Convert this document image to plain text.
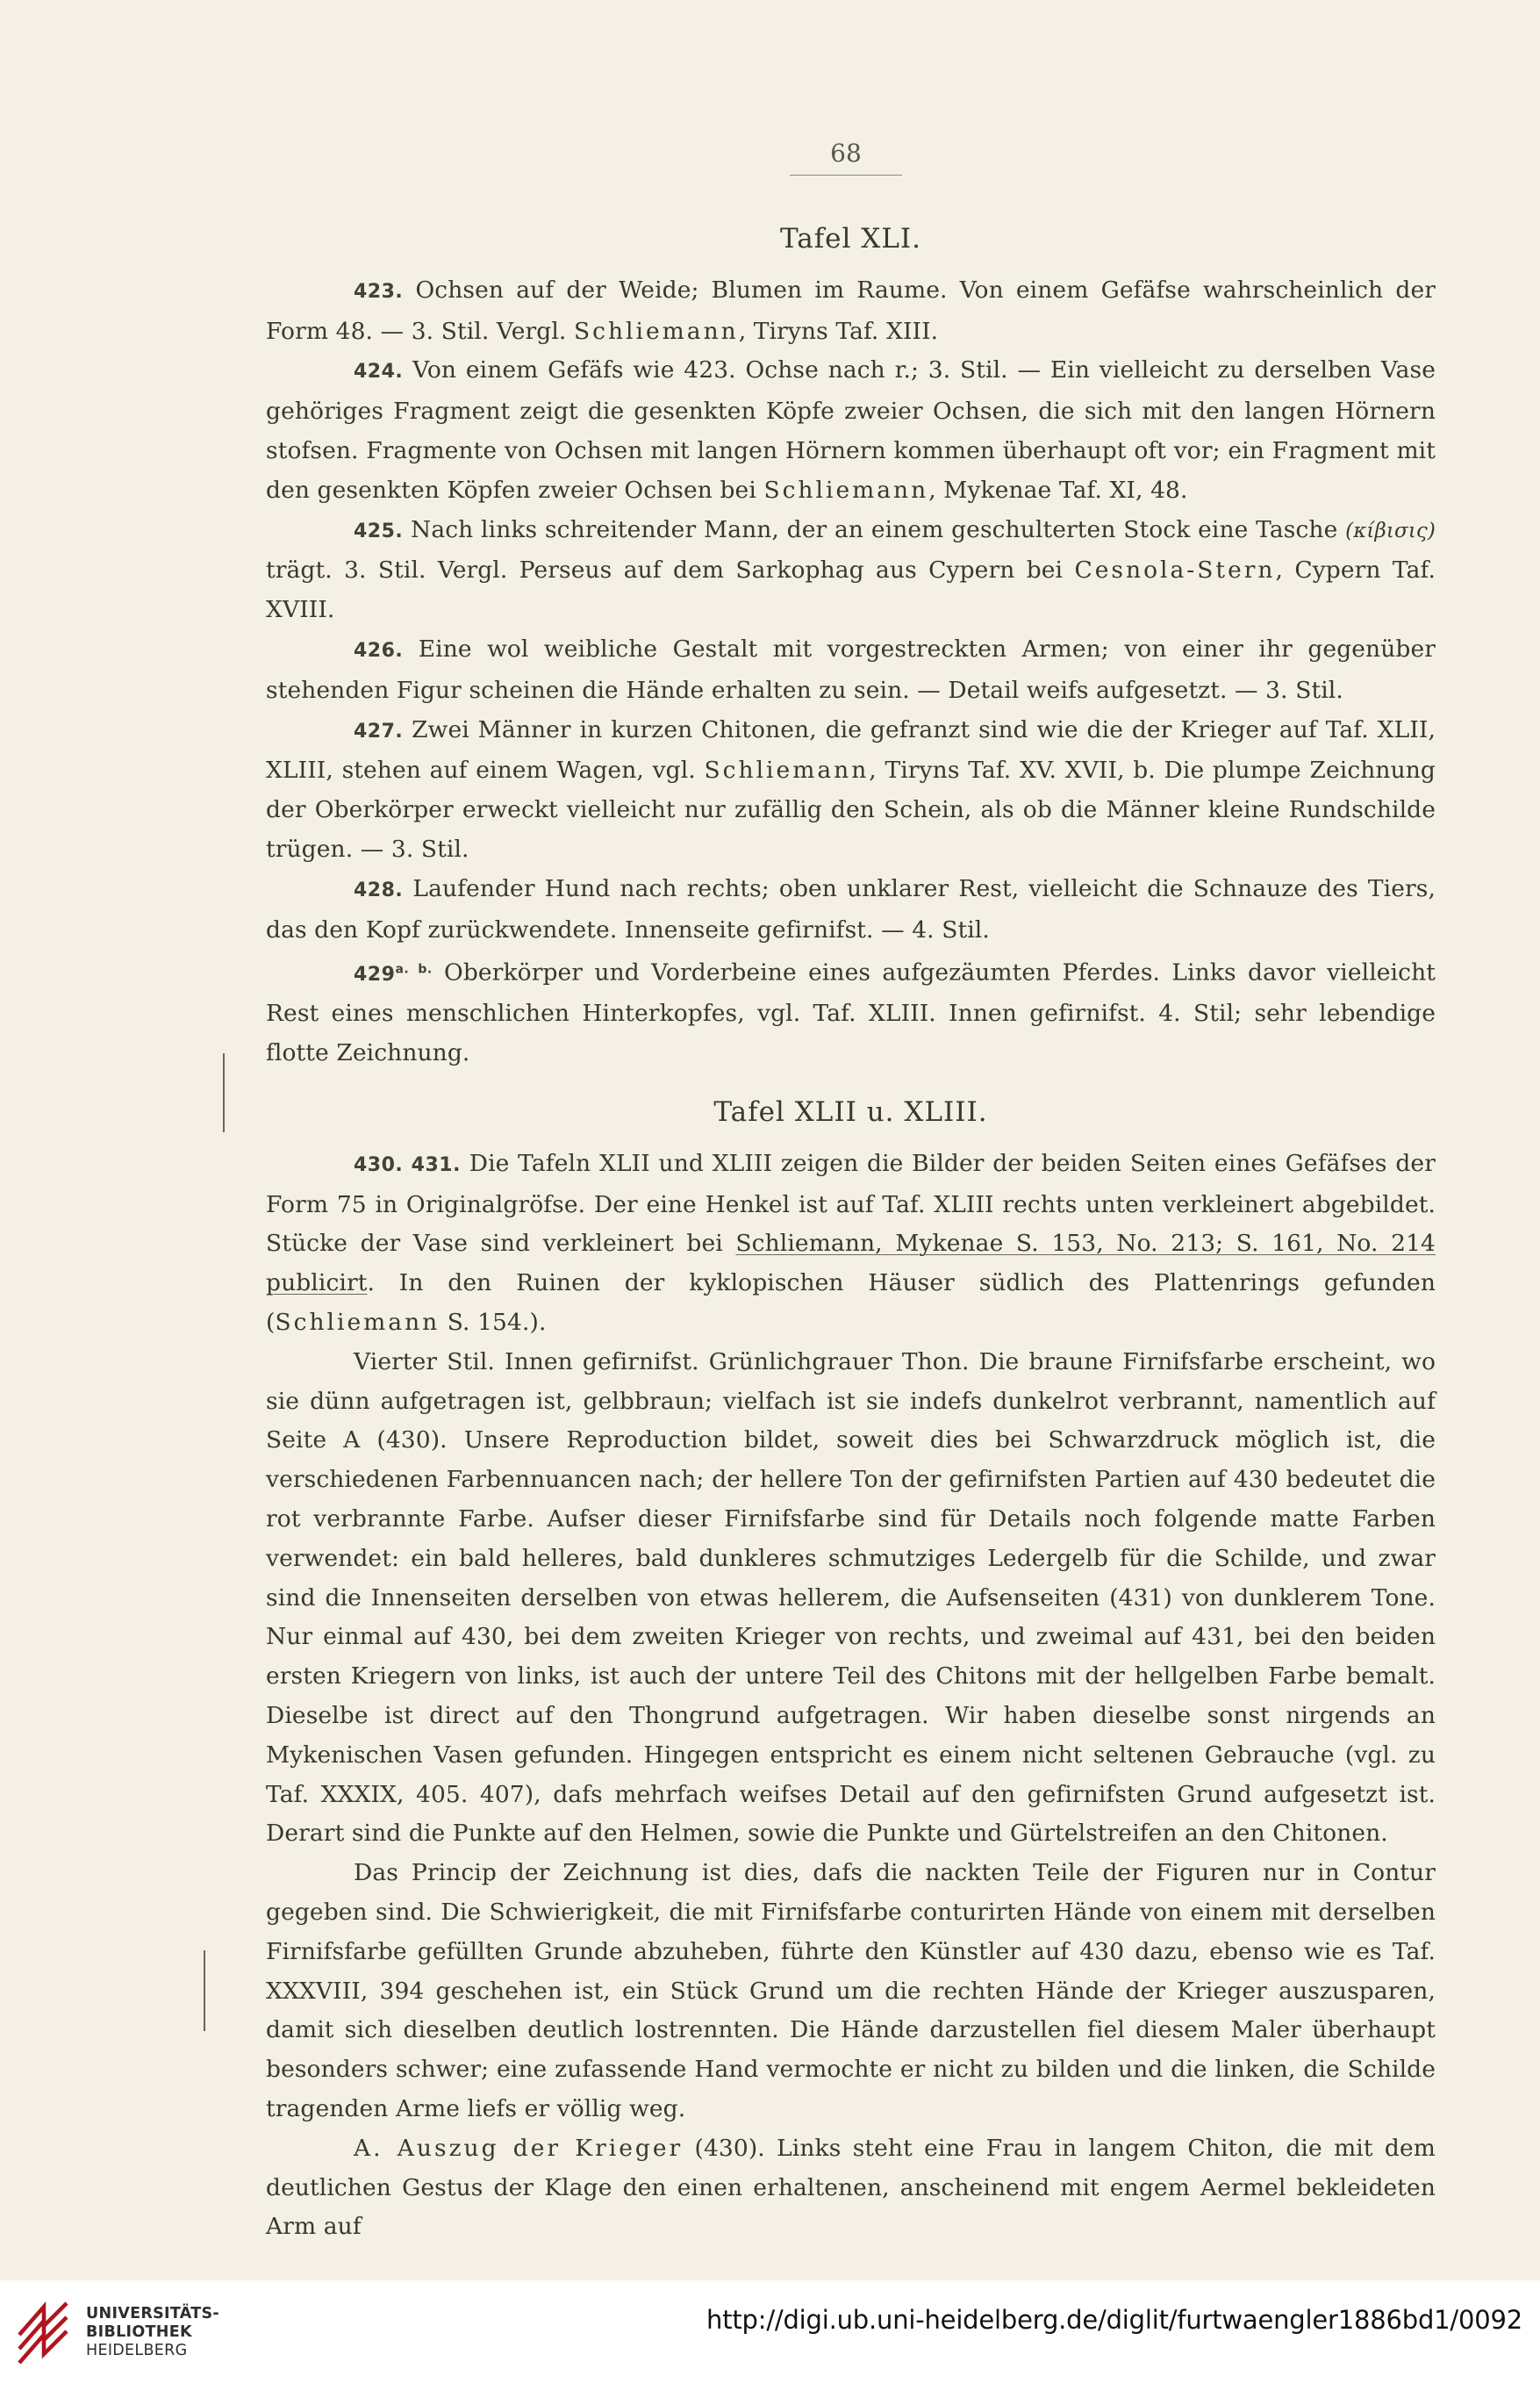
68
Tafel XLI.

423. Ochsen auf der Weide; Blumen im Raume. Von einem Gefäfse wahrscheinlich der Form 48. — 3. Stil. Vergl. Schliemann, Tiryns Taf. XIII.

424. Von einem Gefäfs wie 423. Ochse nach r.; 3. Stil. — Ein vielleicht zu derselben Vase gehöriges Fragment zeigt die gesenkten Köpfe zweier Ochsen, die sich mit den langen Hörnern stofsen. Fragmente von Ochsen mit langen Hörnern kommen überhaupt oft vor; ein Fragment mit den gesenkten Köpfen zweier Ochsen bei Schliemann, Mykenae Taf. XI, 48.

425. Nach links schreitender Mann, der an einem geschulterten Stock eine Tasche (κίβισις) trägt. 3. Stil. Vergl. Perseus auf dem Sarkophag aus Cypern bei Cesnola-Stern, Cypern Taf. XVIII.

426. Eine wol weibliche Gestalt mit vorgestreckten Armen; von einer ihr gegenüber stehenden Figur scheinen die Hände erhalten zu sein. — Detail weifs aufgesetzt. — 3. Stil.

427. Zwei Männer in kurzen Chitonen, die gefranzt sind wie die der Krieger auf Taf. XLII, XLIII, stehen auf einem Wagen, vgl. Schliemann, Tiryns Taf. XV. XVII, b. Die plumpe Zeichnung der Oberkörper erweckt vielleicht nur zufällig den Schein, als ob die Männer kleine Rundschilde trügen. — 3. Stil.

428. Laufender Hund nach rechts; oben unklarer Rest, vielleicht die Schnauze des Tiers, das den Kopf zurückwendete. Innenseite gefirnifst. — 4. Stil.

$429^{a. b.}$ Oberkörper und Vorderbeine eines aufgezäumten Pferdes. Links davor vielleicht Rest eines menschlichen Hinterkopfes, vgl. Taf. XLIII. Innen gefirnifst. 4. Stil; sehr lebendige flotte Zeichnung.

Tafel XLII u. XLIII.

430. 431. Die Tafeln XLII und XLIII zeigen die Bilder der beiden Seiten eines Gefäfses der Form 75 in Originalgröfse. Der eine Henkel ist auf Taf. XLIII rechts unten verkleinert abgebildet. Stücke der Vase sind verkleinert bei Schliemann, Mykenae S. 153, No. 213; S. 161, No. 214 publicirt. In den Ruinen der kyklopischen Häuser südlich des Plattenrings gefunden (Schliemann S. 154.).

Vierter Stil. Innen gefirnifst. Grünlichgrauer Thon. Die braune Firnifsfarbe erscheint, wo sie dünn aufgetragen ist, gelbbraun; vielfach ist sie indefs dunkelrot verbrannt, namentlich auf Seite A (430). Unsere Reproduction bildet, soweit dies bei Schwarzdruck möglich ist, die verschiedenen Farbennuancen nach; der hellere Ton der gefirnifsten Partien auf 430 bedeutet die rot verbrannte Farbe. Aufser dieser Firnifsfarbe sind für Details noch folgende matte Farben verwendet: ein bald helleres, bald dunkleres schmutziges Ledergelb für die Schilde, und zwar sind die Innenseiten derselben von etwas hellerem, die Aufsenseiten (431) von dunklerem Tone. Nur einmal auf 430, bei dem zweiten Krieger von rechts, und zweimal auf 431, bei den beiden ersten Kriegern von links, ist auch der untere Teil des Chitons mit der hellgelben Farbe bemalt. Dieselbe ist direct auf den Thongrund aufgetragen. Wir haben dieselbe sonst nirgends an Mykenischen Vasen gefunden. Hingegen entspricht es einem nicht seltenen Gebrauche (vgl. zu Taf. XXXIX, 405. 407), dafs mehrfach weifses Detail auf den gefirnifsten Grund aufgesetzt ist. Derart sind die Punkte auf den Helmen, sowie die Punkte und Gürtelstreifen an den Chitonen.

Das Princip der Zeichnung ist dies, dafs die nackten Teile der Figuren nur in Contur gegeben sind. Die Schwierigkeit, die mit Firnifsfarbe conturirten Hände von einem mit derselben Firnifsfarbe gefüllten Grunde abzuheben, führte den Künstler auf 430 dazu, ebenso wie es Taf. XXXVIII, 394 geschehen ist, ein Stück Grund um die rechten Hände der Krieger auszusparen, damit sich dieselben deutlich lostrennten. Die Hände darzustellen fiel diesem Maler überhaupt besonders schwer; eine zufassende Hand vermochte er nicht zu bilden und die linken, die Schilde tragenden Arme liefs er völlig weg.

A. Auszug der Krieger (430). Links steht eine Frau in langem Chiton, die mit dem deutlichen Gestus der Klage den einen erhaltenen, anscheinend mit engem Aermel bekleideten Arm auf

UNIVERSITÄTS-
BIBLIOTHEK
HEIDELBERG
http://digi.ub.uni-heidelberg.de/diglit/furtwaengler1886bd1/0092
